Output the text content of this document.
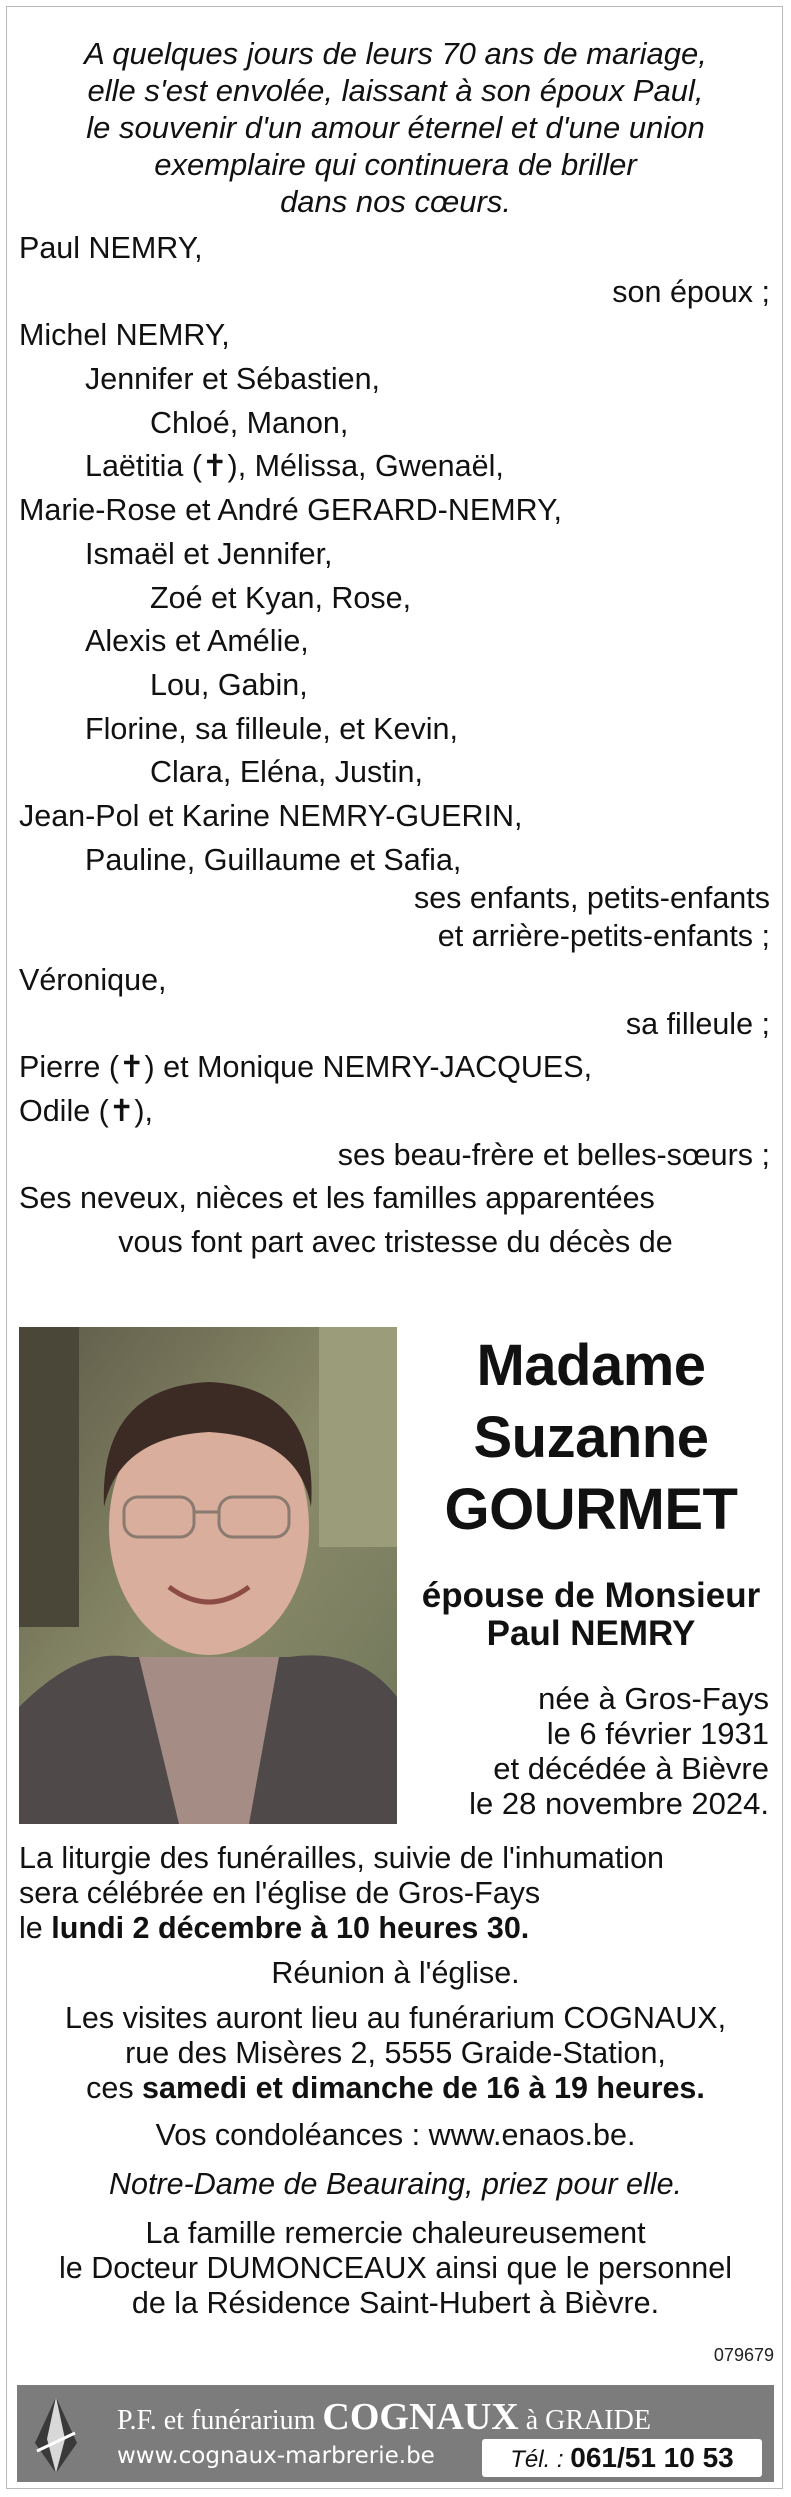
A quelques jours de leurs 70 ans de mariage,
elle s'est envolée, laissant à son époux Paul,
le souvenir d'un amour éternel et d'une union
exemplaire qui continuera de briller
dans nos cœurs.
Paul NEMRY,
son époux ;
Michel NEMRY,
Jennifer et Sébastien,
Chloé, Manon,
Laëtitia (✝), Mélissa, Gwenaël,
Marie-Rose et André GERARD-NEMRY,
Ismaël et Jennifer,
Zoé et Kyan, Rose,
Alexis et Amélie,
Lou, Gabin,
Florine, sa filleule, et Kevin,
Clara, Eléna, Justin,
Jean-Pol et Karine NEMRY-GUERIN,
Pauline, Guillaume et Safia,
ses enfants, petits-enfants
et arrière-petits-enfants ;
Véronique,
sa filleule ;
Pierre (✝) et Monique NEMRY-JACQUES,
Odile (✝),
ses beau-frère et belles-sœurs ;
Ses neveux, nièces et les familles apparentées
vous font part avec tristesse du décès de
Madame
Suzanne
GOURMET
épouse de Monsieur
Paul NEMRY
née à Gros-Fays
le 6 février 1931
et décédée à Bièvre
le 28 novembre 2024.
La liturgie des funérailles, suivie de l'inhumation
sera célébrée en l'église de Gros-Fays
le lundi 2 décembre à 10 heures 30.
Réunion à l'église.
Les visites auront lieu au funérarium COGNAUX,
rue des Misères 2, 5555 Graide-Station,
ces samedi et dimanche de 16 à 19 heures.
Vos condoléances : www.enaos.be.
Notre-Dame de Beauraing, priez pour elle.
La famille remercie chaleureusement
le Docteur DUMONCEAUX ainsi que le personnel
de la Résidence Saint-Hubert à Bièvre.
079679
P.F. et funérarium COGNAUX à GRAIDE
www.cognaux-marbrerie.be	Tél. : 061/51 10 53
